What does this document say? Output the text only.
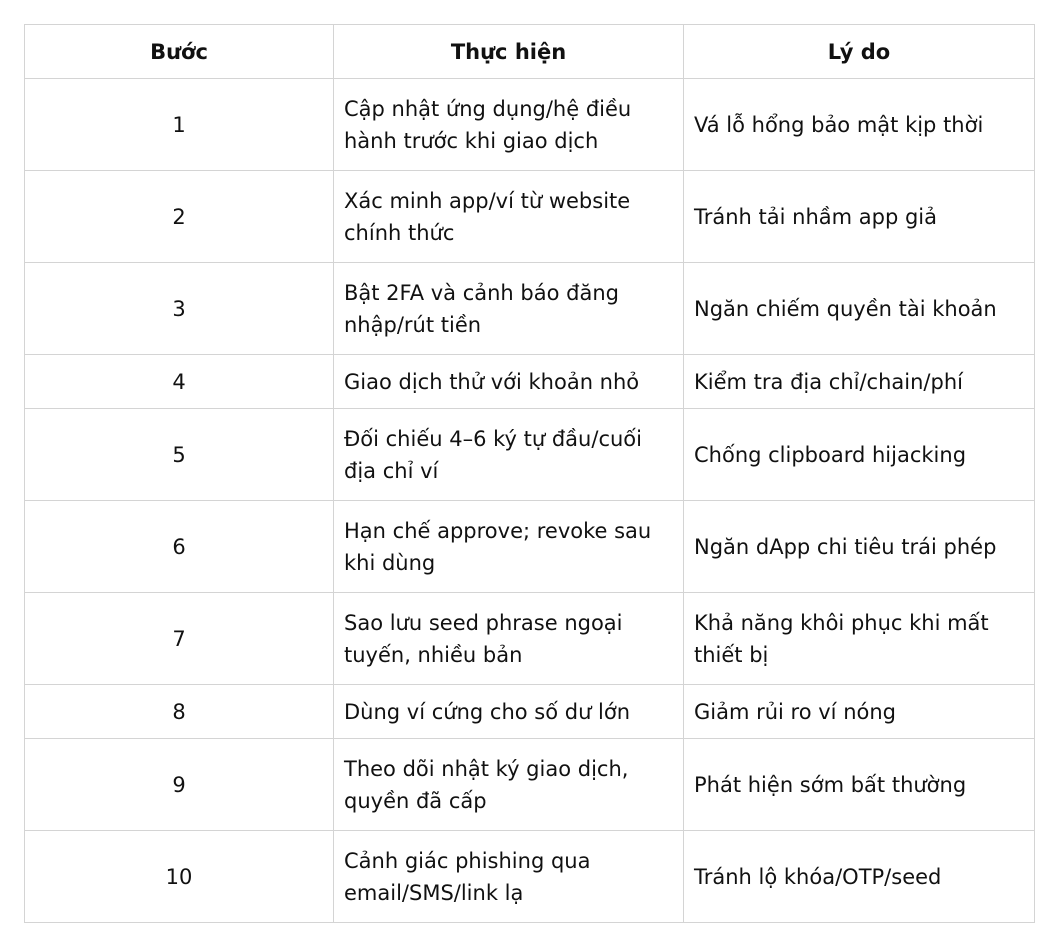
Bước	Thực hiện	Lý do
1	Cập nhật ứng dụng/hệ điều hành trước khi giao dịch	Vá lỗ hổng bảo mật kịp thời
2	Xác minh app/ví từ website chính thức	Tránh tải nhầm app giả
3	Bật 2FA và cảnh báo đăng nhập/rút tiền	Ngăn chiếm quyền tài khoản
4	Giao dịch thử với khoản nhỏ	Kiểm tra địa chỉ/chain/phí
5	Đối chiếu 4–6 ký tự đầu/cuối địa chỉ ví	Chống clipboard hijacking
6	Hạn chế approve; revoke sau khi dùng	Ngăn dApp chi tiêu trái phép
7	Sao lưu seed phrase ngoại tuyến, nhiều bản	Khả năng khôi phục khi mất thiết bị
8	Dùng ví cứng cho số dư lớn	Giảm rủi ro ví nóng
9	Theo dõi nhật ký giao dịch, quyền đã cấp	Phát hiện sớm bất thường
10	Cảnh giác phishing qua email/SMS/link lạ	Tránh lộ khóa/OTP/seed
